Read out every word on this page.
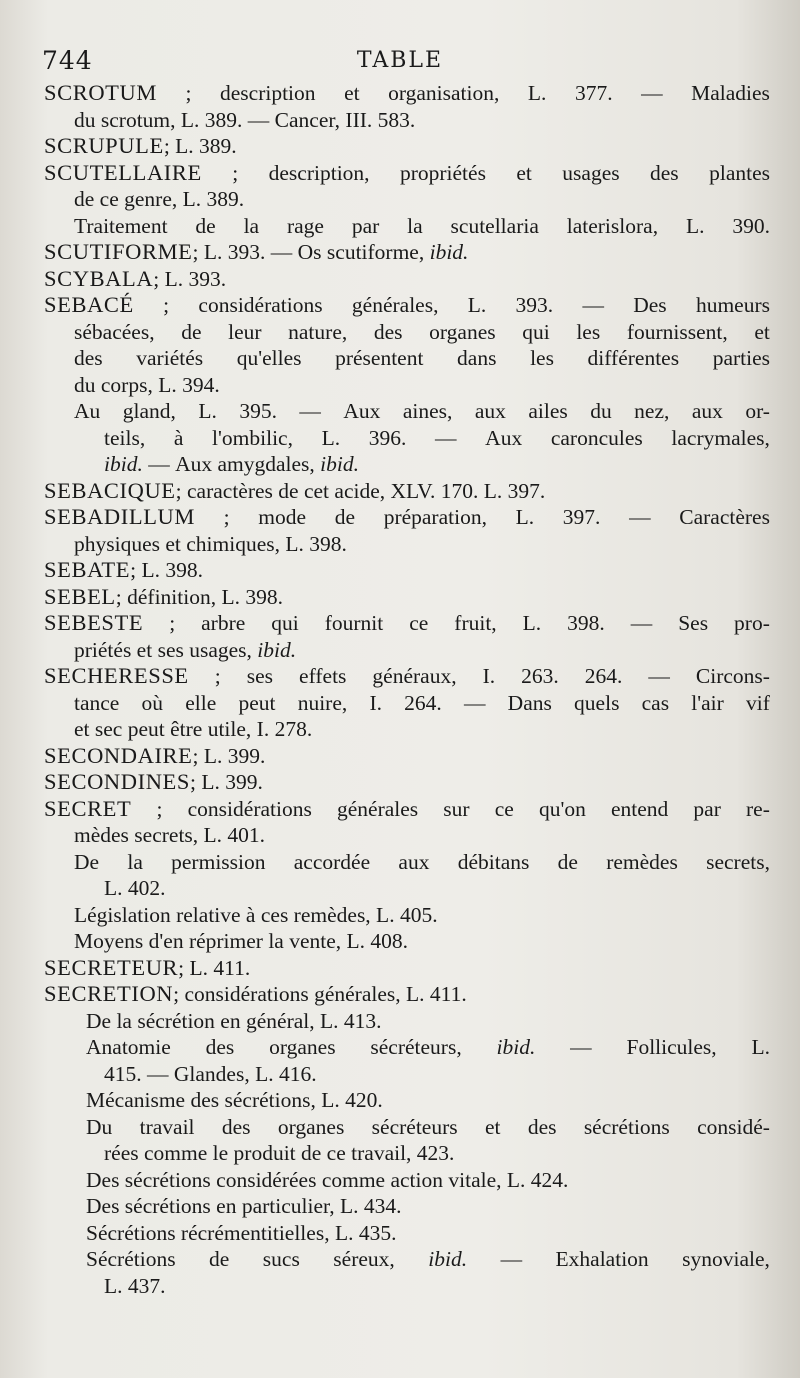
744	TABLE
SCROTUM ; description et organisation, L. 377. — Maladies
du scrotum, L. 389. — Cancer, III. 583.
SCRUPULE ; L. 389.
SCUTELLAIRE ; description, propriétés et usages des plantes
de ce genre, L. 389.
Traitement de la rage par la scutellaria laterislora, L. 390.
SCUTIFORME ; L. 393. — Os scutiforme, ibid.
SCYBALA ; L. 393.
SEBACÉ ; considérations générales, L. 393. — Des humeurs
sébacées, de leur nature, des organes qui les fournissent, et
des variétés qu'elles présentent dans les différentes parties
du corps, L. 394.
Au gland, L. 395. — Aux aines, aux ailes du nez, aux or-
teils, à l'ombilic, L. 396. — Aux caroncules lacrymales,
ibid. — Aux amygdales, ibid.
SEBACIQUE ; caractères de cet acide, XLV. 170. L. 397.
SEBADILLUM ; mode de préparation, L. 397. — Caractères
physiques et chimiques, L. 398.
SEBATE ; L. 398.
SEBEL ; définition, L. 398.
SEBESTE ; arbre qui fournit ce fruit, L. 398. — Ses pro-
priétés et ses usages, ibid.
SECHERESSE ; ses effets généraux, I. 263. 264. — Circons-
tance où elle peut nuire, I. 264. — Dans quels cas l'air vif
et sec peut être utile, I. 278.
SECONDAIRE ; L. 399.
SECONDINES ; L. 399.
SECRET ; considérations générales sur ce qu'on entend par re-
mèdes secrets, L. 401.
De la permission accordée aux débitans de remèdes secrets,
L. 402.
Législation relative à ces remèdes, L. 405.
Moyens d'en réprimer la vente, L. 408.
SECRETEUR ; L. 411.
SECRETION ; considérations générales, L. 411.
De la sécrétion en général, L. 413.
Anatomie des organes sécréteurs, ibid. — Follicules, L.
415. — Glandes, L. 416.
Mécanisme des sécrétions, L. 420.
Du travail des organes sécréteurs et des sécrétions considé-
rées comme le produit de ce travail, 423.
Des sécrétions considérées comme action vitale, L. 424.
Des sécrétions en particulier, L. 434.
Sécrétions récrémentitielles, L. 435.
Sécrétions de sucs séreux, ibid. — Exhalation synoviale,
L. 437.
